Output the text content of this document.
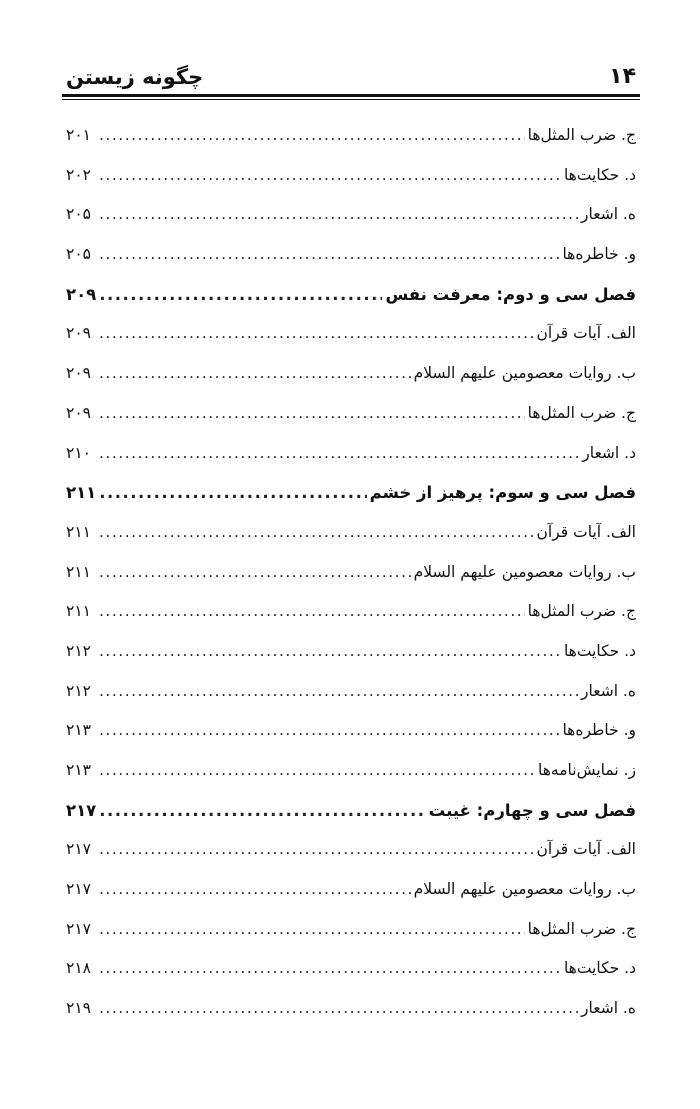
۱۴
چگونه زیستن
ج. ضرب المثل‌ها
.....
۲۰۱
د. حکایت‌ها
.....
۲۰۲
ه. اشعار
.....
۲۰۵
و. خاطره‌ها
.....
۲۰۵
فصل سی و دوم: معرفت نفس
.....
۲۰۹
الف. آیات قرآن
.....
۲۰۹
ب. روایات معصومین علیهم السلام
.....
۲۰۹
ج. ضرب المثل‌ها
.....
۲۰۹
د. اشعار
.....
۲۱۰
فصل سی و سوم: پرهیز از خشم
.....
۲۱۱
الف. آیات قرآن
.....
۲۱۱
ب. روایات معصومین علیهم السلام
.....
۲۱۱
ج. ضرب المثل‌ها
.....
۲۱۱
د. حکایت‌ها
.....
۲۱۲
ه. اشعار
.....
۲۱۲
و. خاطره‌ها
.....
۲۱۳
ز. نمایش‌نامه‌ها
.....
۲۱۳
فصل سی و چهارم: غیبت
.....
۲۱۷
الف. آیات قرآن
.....
۲۱۷
ب. روایات معصومین علیهم السلام
.....
۲۱۷
ج. ضرب المثل‌ها
.....
۲۱۷
د. حکایت‌ها
.....
۲۱۸
ه. اشعار
.....
۲۱۹
